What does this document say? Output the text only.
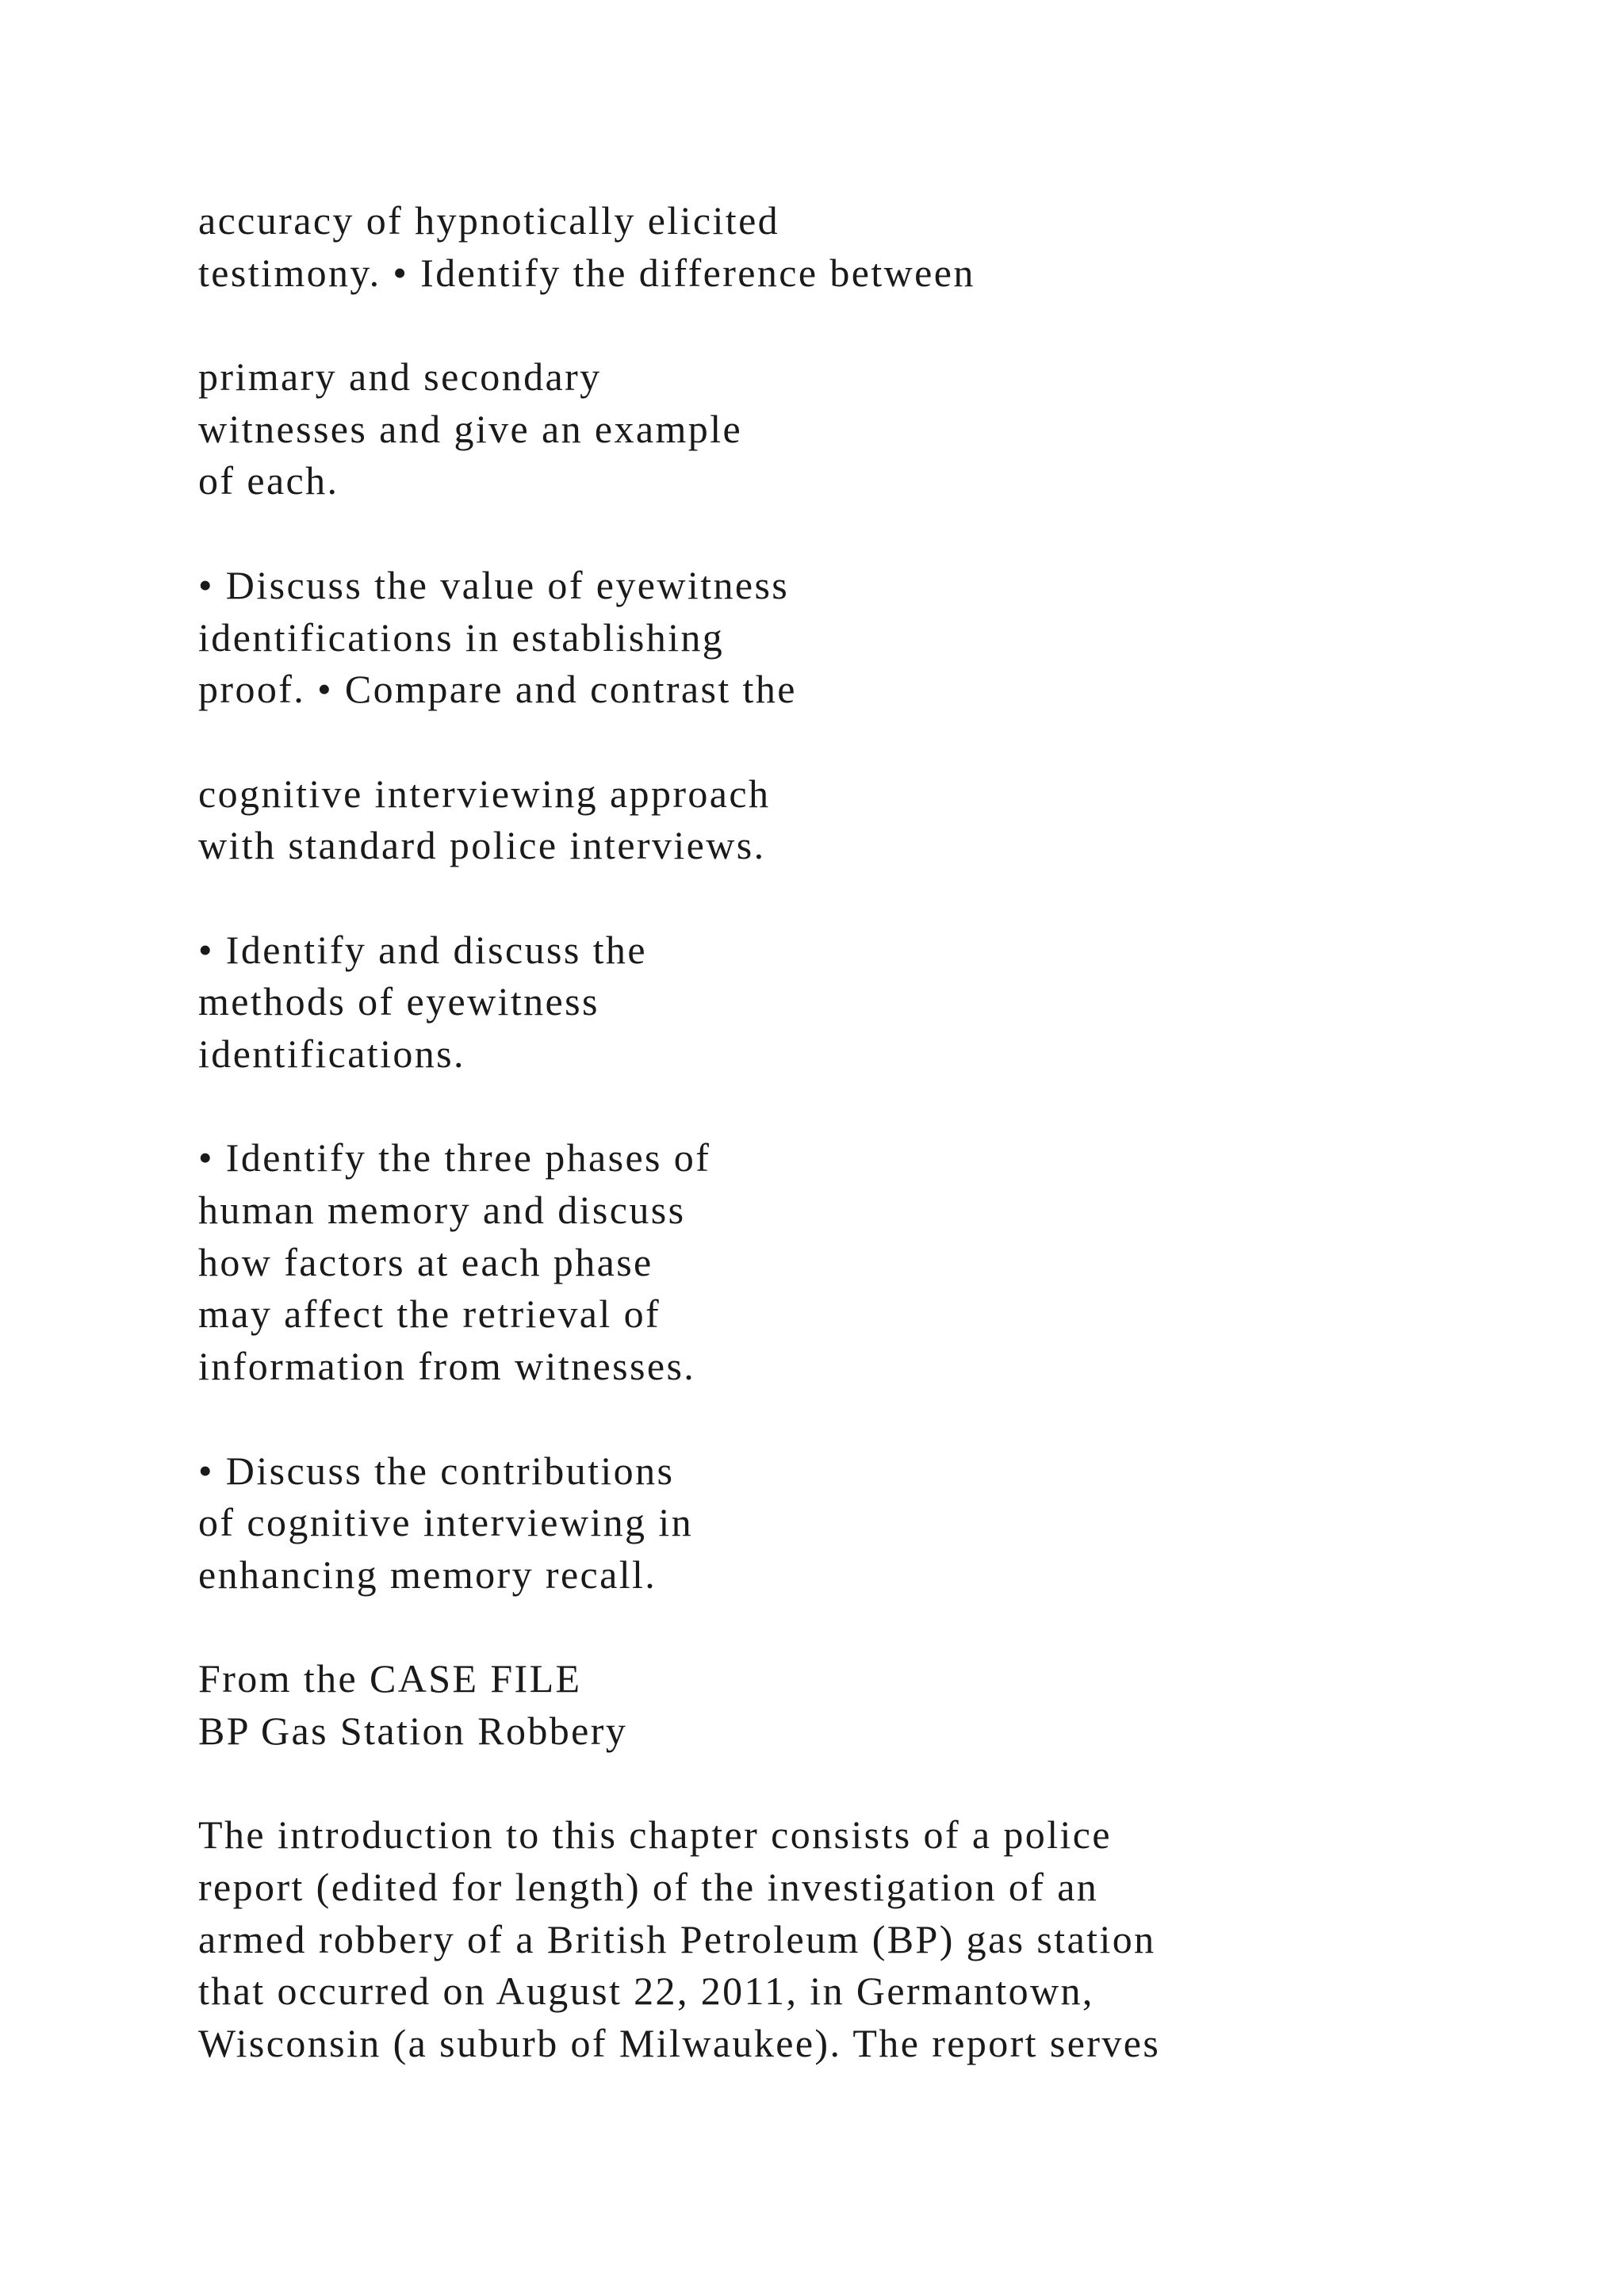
accuracy of hypnotically elicited
testimony. • Identify the difference between
primary and secondary
witnesses and give an example
of each.
• Discuss the value of eyewitness
identifications in establishing
proof. • Compare and contrast the
cognitive interviewing approach
with standard police interviews.
• Identify and discuss the
methods of eyewitness
identifications.
• Identify the three phases of
human memory and discuss
how factors at each phase
may affect the retrieval of
information from witnesses.
• Discuss the contributions
of cognitive interviewing in
enhancing memory recall.
From the CASE FILE
BP Gas Station Robbery
The introduction to this chapter consists of a police
report (edited for length) of the investigation of an
armed robbery of a British Petroleum (BP) gas station
that occurred on August 22, 2011, in Germantown,
Wisconsin (a suburb of Milwaukee). The report serves
